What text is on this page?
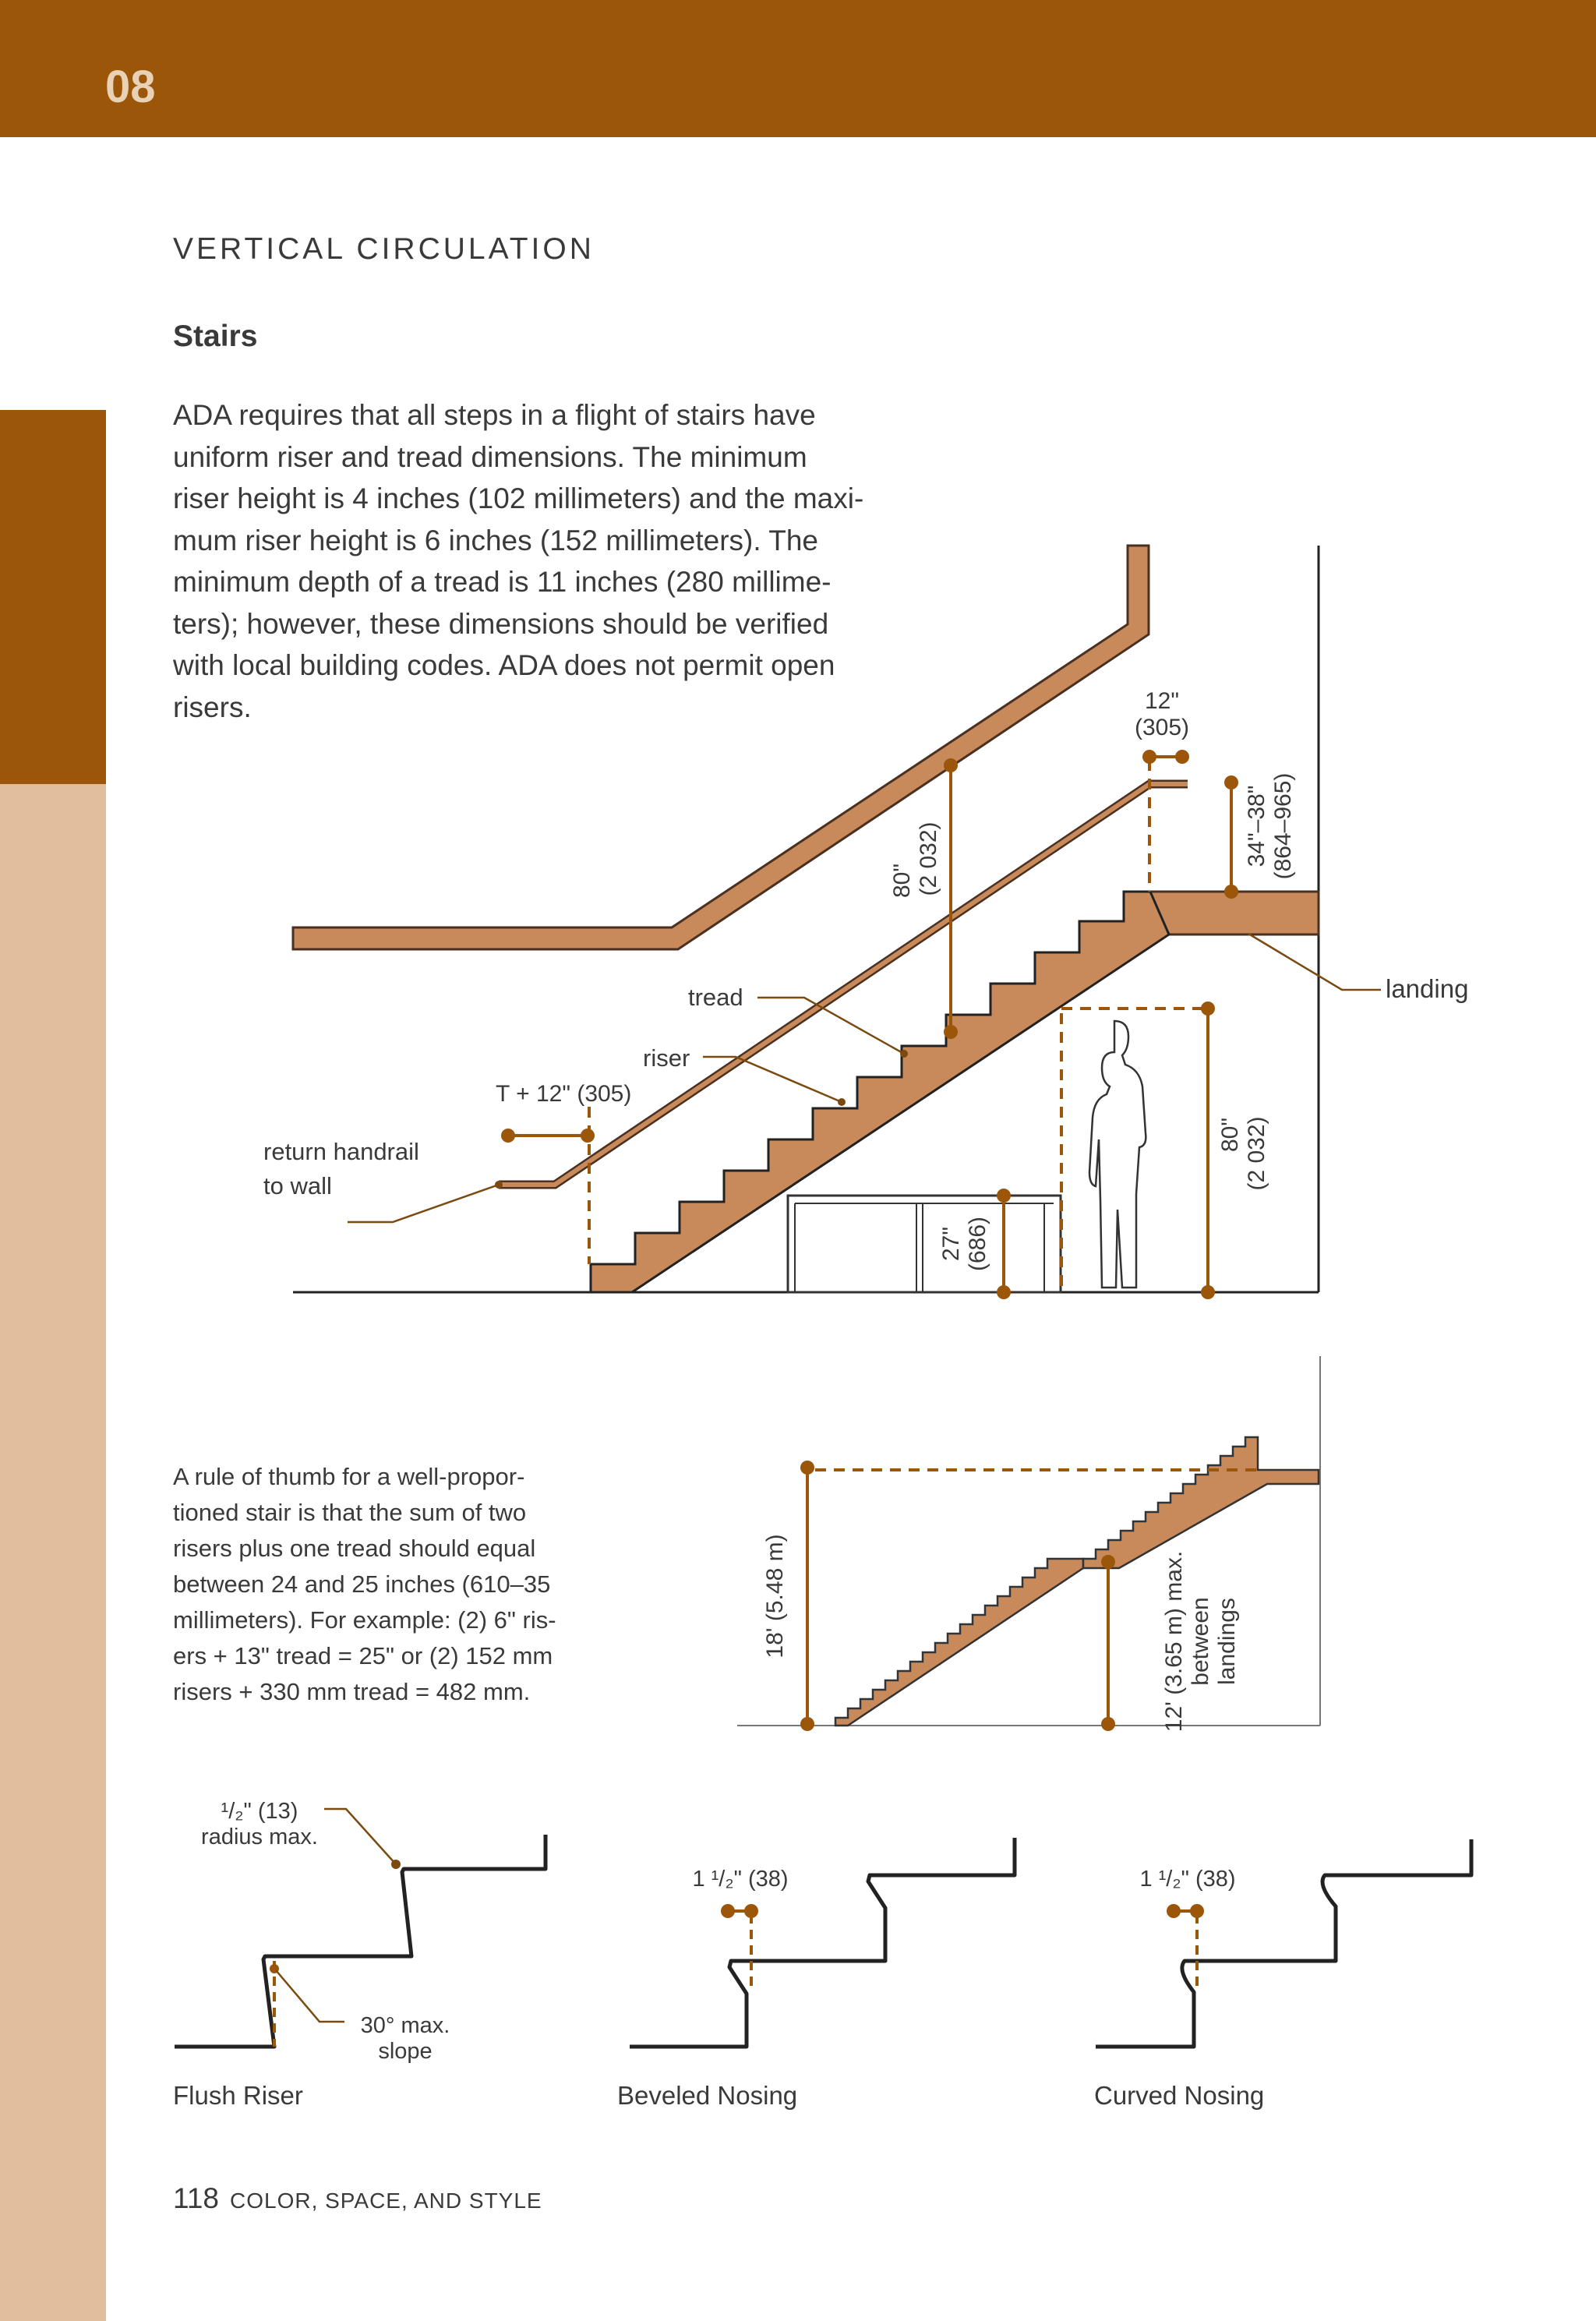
08
VERTICAL CIRCULATION
Stairs

ADA requires that all steps in a flight of stairs have
uniform riser and tread dimensions. The minimum
riser height is 4 inches (102 millimeters) and the maxi-
mum riser height is 6 inches (152 millimeters). The
minimum depth of a tread is 11 inches (280 millime-
ters); however, these dimensions should be verified
with local building codes. ADA does not permit open
risers.

A rule of thumb for a well-propor-
tioned stair is that the sum of two
risers plus one tread should equal
between 24 and 25 inches (610–35
millimeters). For example: (2) 6" ris-
ers + 13" tread = 25" or (2) 152 mm
risers + 330 mm tread = 482 mm.

12"
(305)
80" (2 032)	34"–38" (864–965)
landing
tread
riser
T + 12" (305)
return handrail
to wall
27" (686)
80" (2 032)
18' (5.48 m)	12' (3.65 m) max. between landings
¹/₂" (13)
radius max.
30° max.
slope
1 ¹/₂" (38)	1 ¹/₂" (38)
Flush Riser	Beveled Nosing	Curved Nosing
118 COLOR, SPACE, AND STYLE
